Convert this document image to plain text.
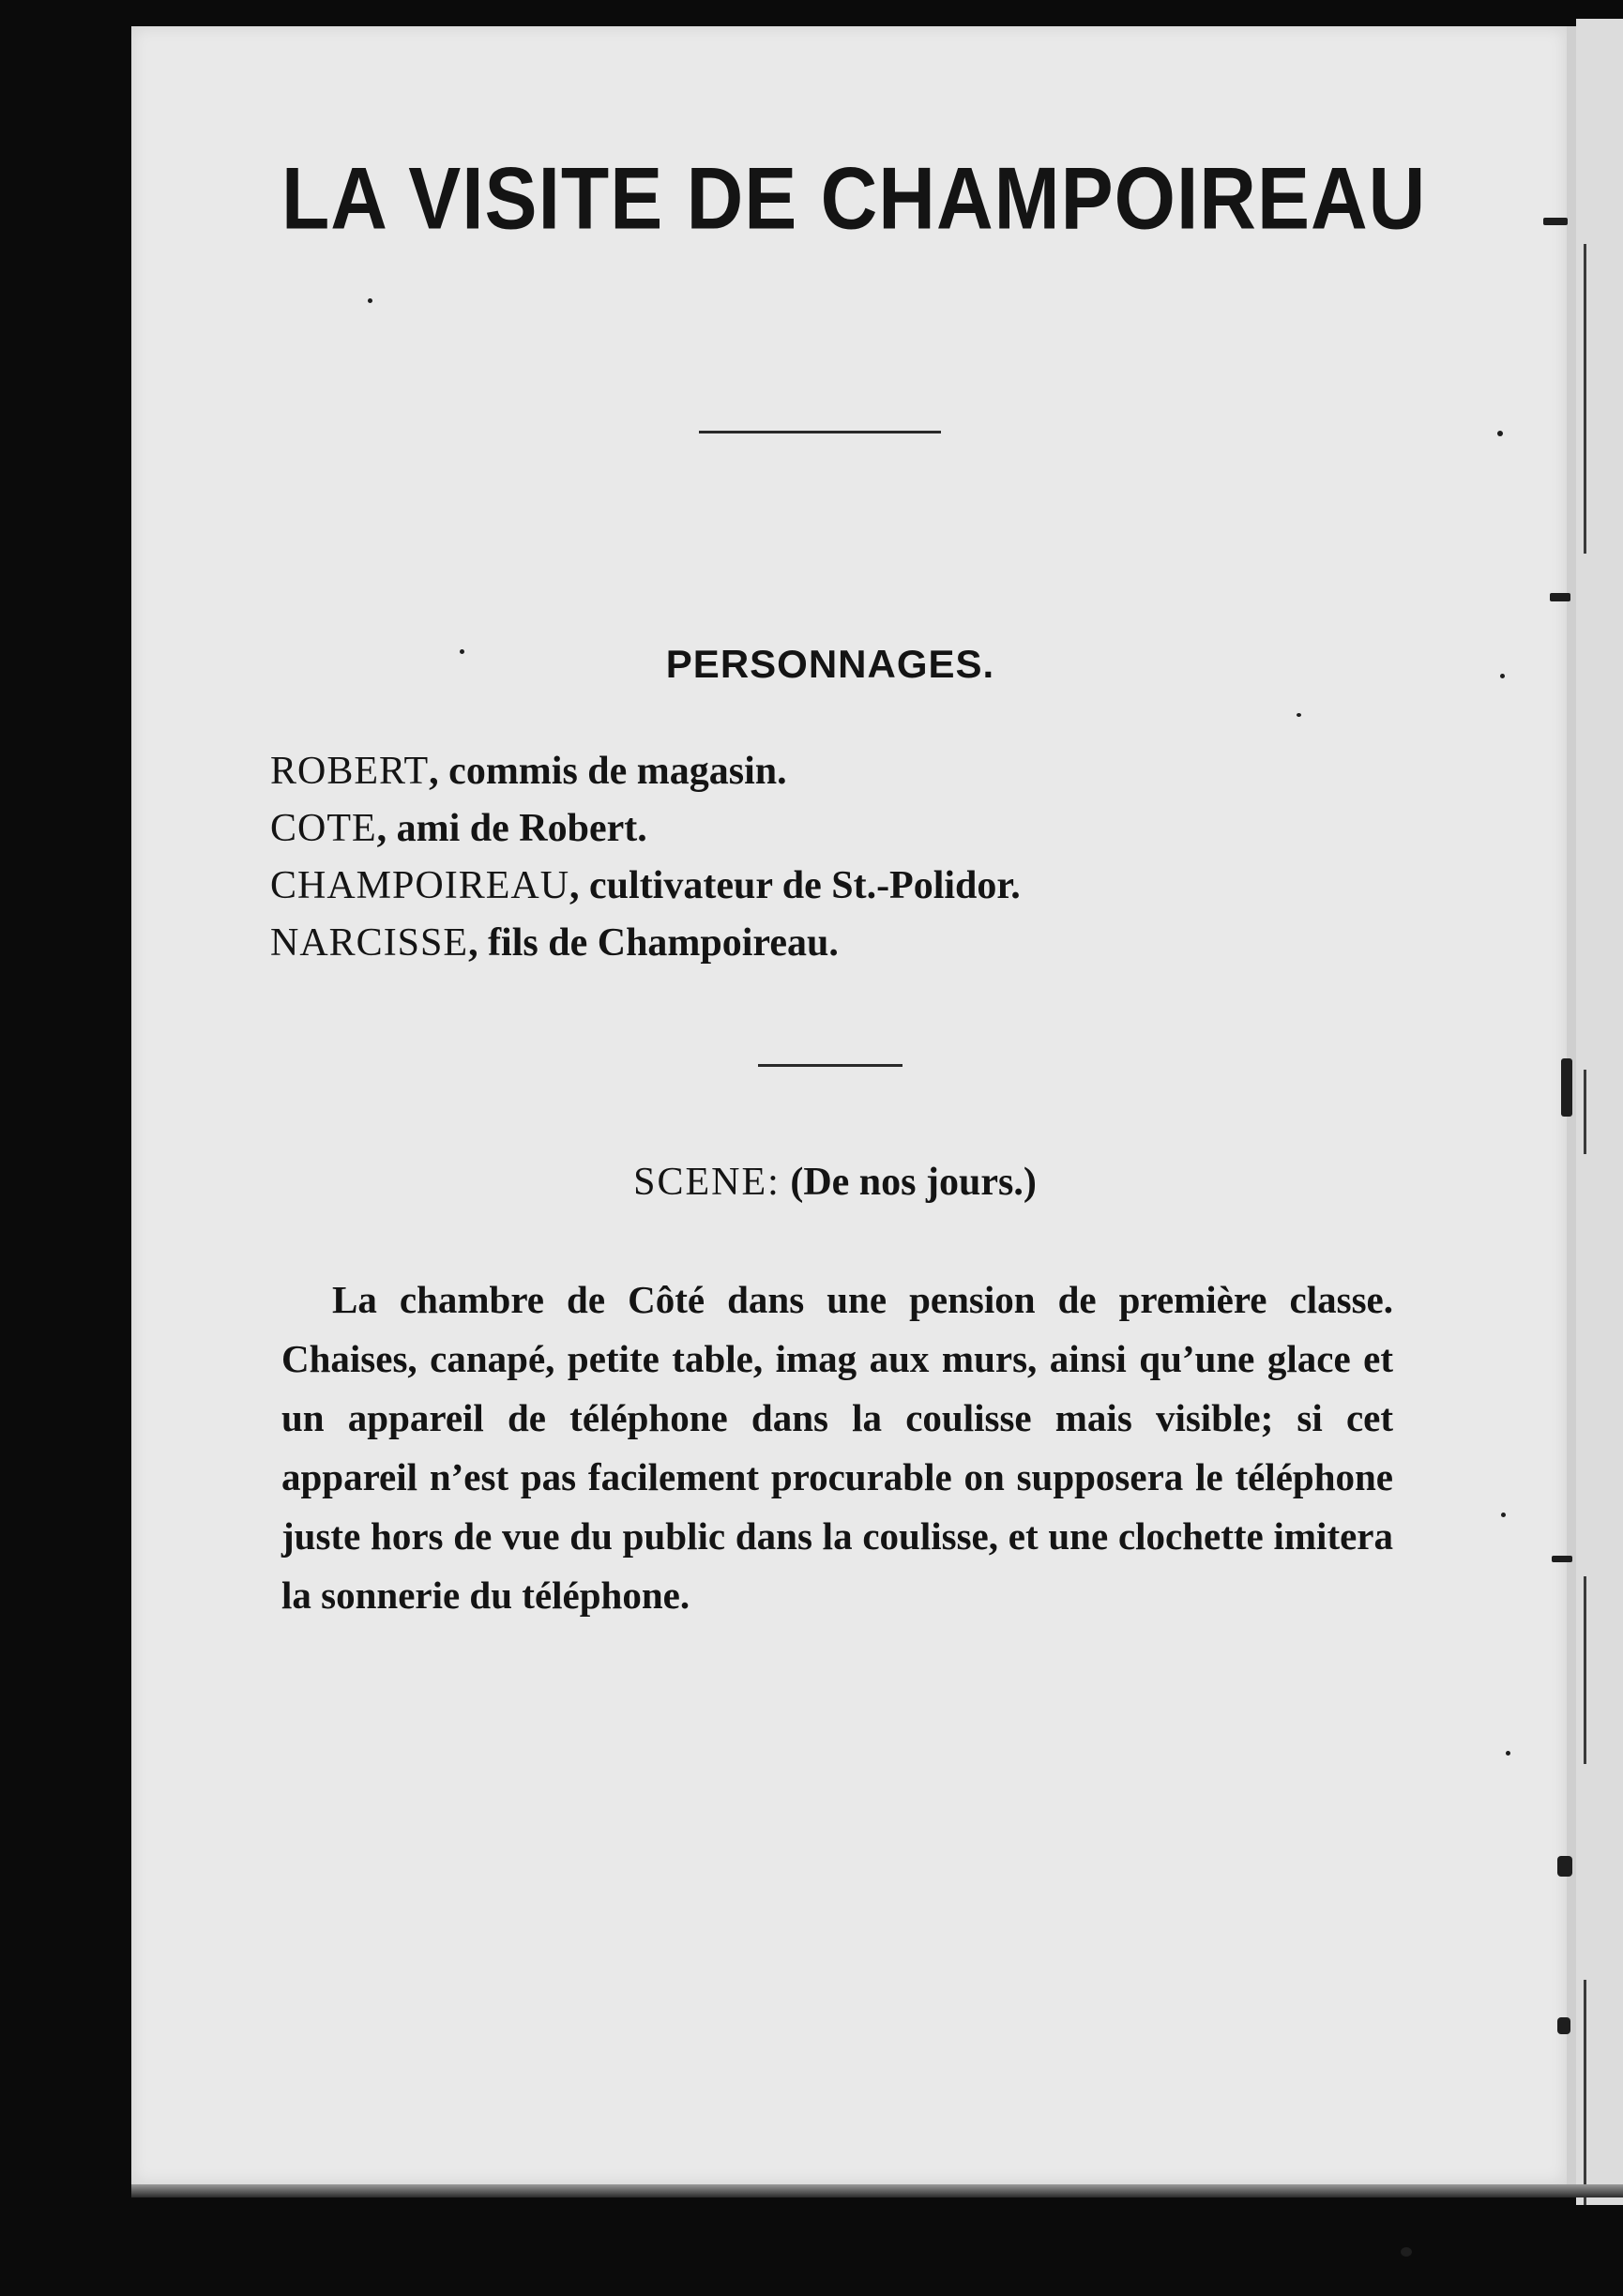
LA VISITE DE CHAMPOIREAU
PERSONNAGES.
ROBERT, commis de magasin.
COTE, ami de Robert.
CHAMPOIREAU, cultivateur de St.-Polidor.
NARCISSE, fils de Champoireau.

SCENE: (De nos jours.)

La chambre de Côté dans une pension de première classe. Chaises, canapé, petite table, imag aux murs, ainsi qu’une glace et un appareil de téléphone dans la coulisse mais visible; si cet appareil n’est pas facilement procurable on supposera le téléphone juste hors de vue du public dans la coulisse, et une clochette imitera la sonnerie du téléphone.
